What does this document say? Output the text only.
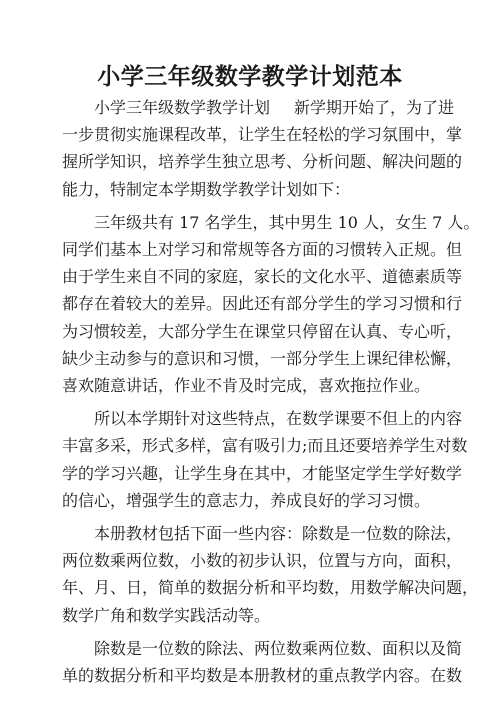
小学三年级数学教学计划范本
小学三年级数学教学计划 新学期开始了，为了进
一步贯彻实施课程改革，让学生在轻松的学习氛围中，掌
握所学知识，培养学生独立思考、分析问题、解决问题的
能力，特制定本学期数学教学计划如下：
三年级共有 17 名学生，其中男生 10 人，女生 7 人。
同学们基本上对学习和常规等各方面的习惯转入正规。但
由于学生来自不同的家庭，家长的文化水平、道德素质等
都存在着较大的差异。因此还有部分学生的学习习惯和行
为习惯较差，大部分学生在课堂只停留在认真、专心听，
缺少主动参与的意识和习惯，一部分学生上课纪律松懈，
喜欢随意讲话，作业不肯及时完成，喜欢拖拉作业。
所以本学期针对这些特点，在数学课要不但上的内容
丰富多采，形式多样，富有吸引力;而且还要培养学生对数
学的学习兴趣，让学生身在其中，才能坚定学生学好数学
的信心，增强学生的意志力，养成良好的学习习惯。
本册教材包括下面一些内容：除数是一位数的除法，
两位数乘两位数，小数的初步认识，位置与方向，面积，
年、月、日，简单的数据分析和平均数，用数学解决问题，
数学广角和数学实践活动等。
除数是一位数的除法、两位数乘两位数、面积以及简
单的数据分析和平均数是本册教材的重点教学内容。在数
